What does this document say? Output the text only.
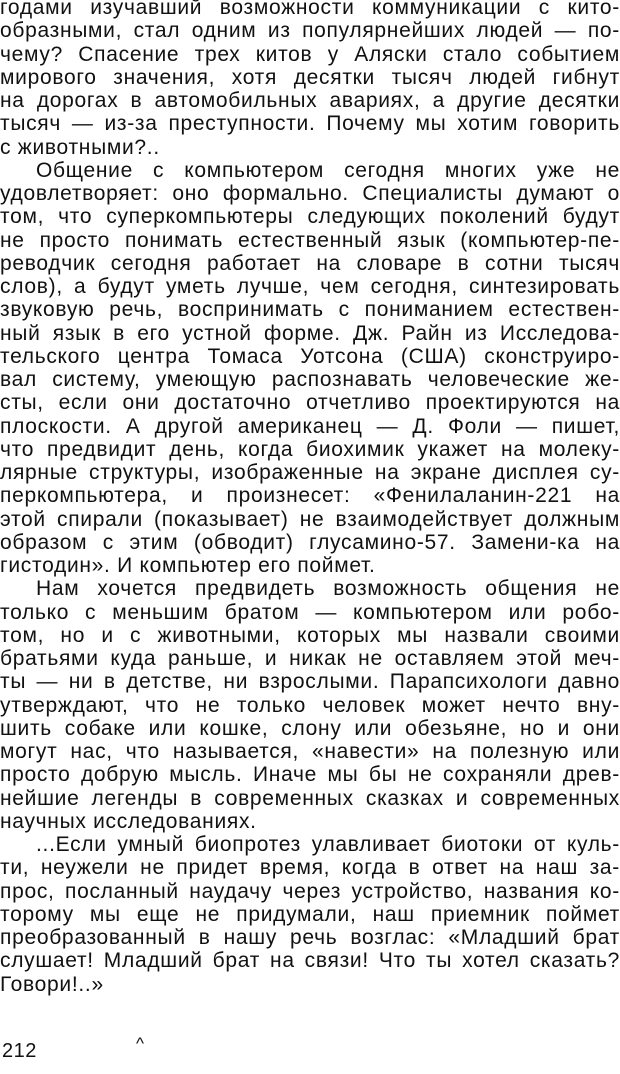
годами изучавший возможности коммуникации с кито-
образными, стал одним из популярнейших людей — по-
чему? Спасение трех китов у Аляски стало событием
мирового значения, хотя десятки тысяч людей гибнут
на дорогах в автомобильных авариях, а другие десятки
тысяч — из-за преступности. Почему мы хотим говорить
с животными?..
Общение с компьютером сегодня многих уже не
удовлетворяет: оно формально. Специалисты думают о
том, что суперкомпьютеры следующих поколений будут
не просто понимать естественный язык (компьютер-пе-
реводчик сегодня работает на словаре в сотни тысяч
слов), а будут уметь лучше, чем сегодня, синтезировать
звуковую речь, воспринимать с пониманием естествен-
ный язык в его устной форме. Дж. Райн из Исследова-
тельского центра Томаса Уотсона (США) сконструиро-
вал систему, умеющую распознавать человеческие же-
сты, если они достаточно отчетливо проектируются на
плоскости. А другой американец — Д. Фоли — пишет,
что предвидит день, когда биохимик укажет на молеку-
лярные структуры, изображенные на экране дисплея су-
перкомпьютера, и произнесет: «Фенилаланин-221 на
этой спирали (показывает) не взаимодействует должным
образом с этим (обводит) глусамино-57. Замени-ка на
гистодин». И компьютер его поймет.
Нам хочется предвидеть возможность общения не
только с меньшим братом — компьютером или робо-
том, но и с животными, которых мы назвали своими
братьями куда раньше, и никак не оставляем этой меч-
ты — ни в детстве, ни взрослыми. Парапсихологи давно
утверждают, что не только человек может нечто вну-
шить собаке или кошке, слону или обезьяне, но и они
могут нас, что называется, «навести» на полезную или
просто добрую мысль. Иначе мы бы не сохраняли древ-
нейшие легенды в современных сказках и современных
научных исследованиях.
...Если умный биопротез улавливает биотоки от куль-
ти, неужели не придет время, когда в ответ на наш за-
прос, посланный наудачу через устройство, названия ко-
торому мы еще не придумали, наш приемник поймет
преобразованный в нашу речь возглас: «Младший брат
слушает! Младший брат на связи! Что ты хотел сказать?
Говори!..»
212	^
